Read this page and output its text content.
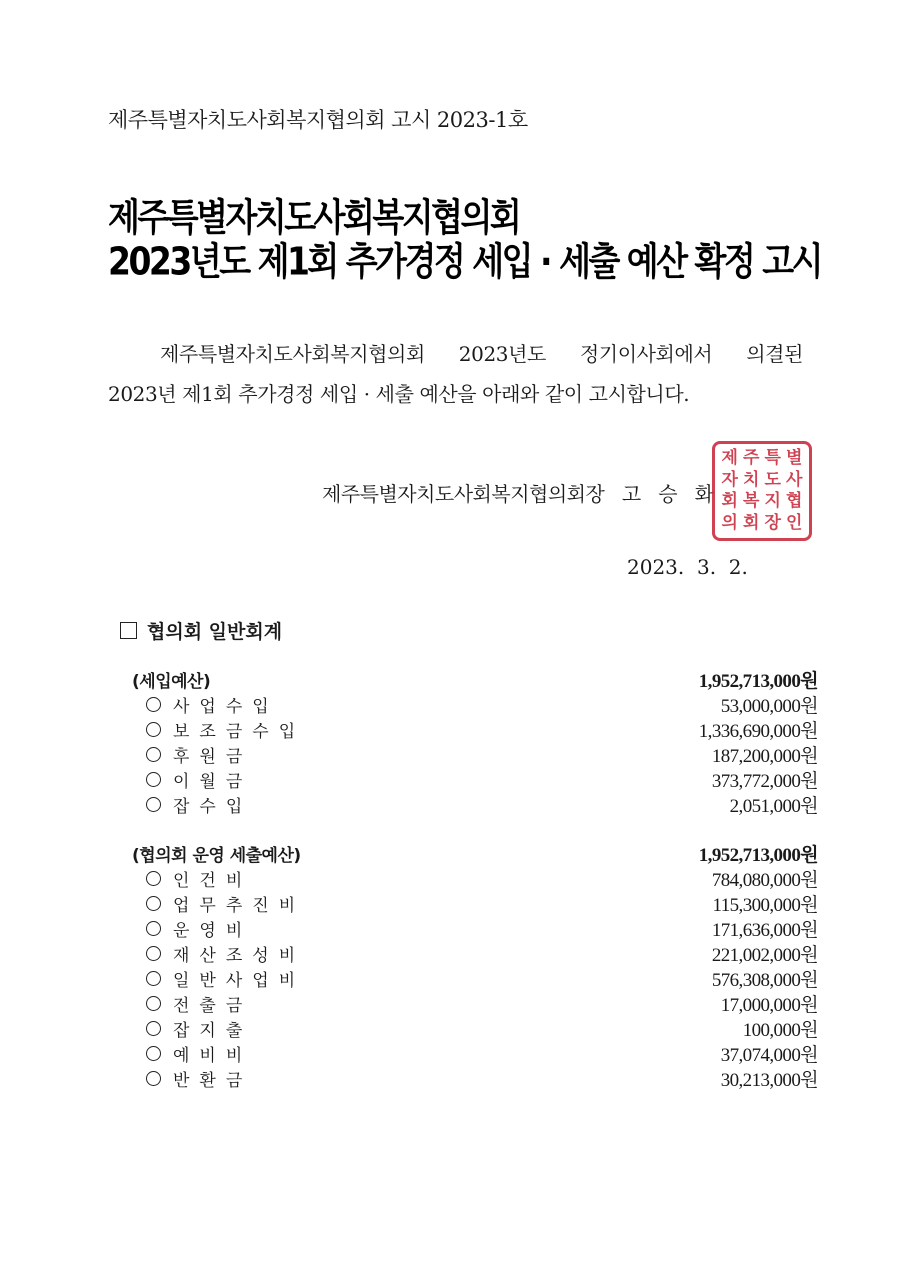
제주특별자치도사회복지협의회 고시 2023-1호
제주특별자치도사회복지협의회
2023년도 제1회 추가경정 세입 · 세출 예산 확정 고시
제주특별자치도사회복지협의회 2023년도 정기이사회에서 의결된
2023년 제1회 추가경정 세입 · 세출 예산을 아래와 같이 고시합니다.
제주특별자치도사회복지협의회장   고   승   화
제 주 특 별
자 치 도 사
회 복 지 협
의 회 장 인
2023.  3.  2.
협의회 일반회계
(세입예산)	1,952,713,000원
사업수입	53,000,000원
보조금수입	1,336,690,000원
후원금	187,200,000원
이월금	373,772,000원
잡수입	2,051,000원
(협의회 운영 세출예산)	1,952,713,000원
인건비	784,080,000원
업무추진비	115,300,000원
운영비	171,636,000원
재산조성비	221,002,000원
일반사업비	576,308,000원
전출금	17,000,000원
잡지출	100,000원
예비비	37,074,000원
반환금	30,213,000원
